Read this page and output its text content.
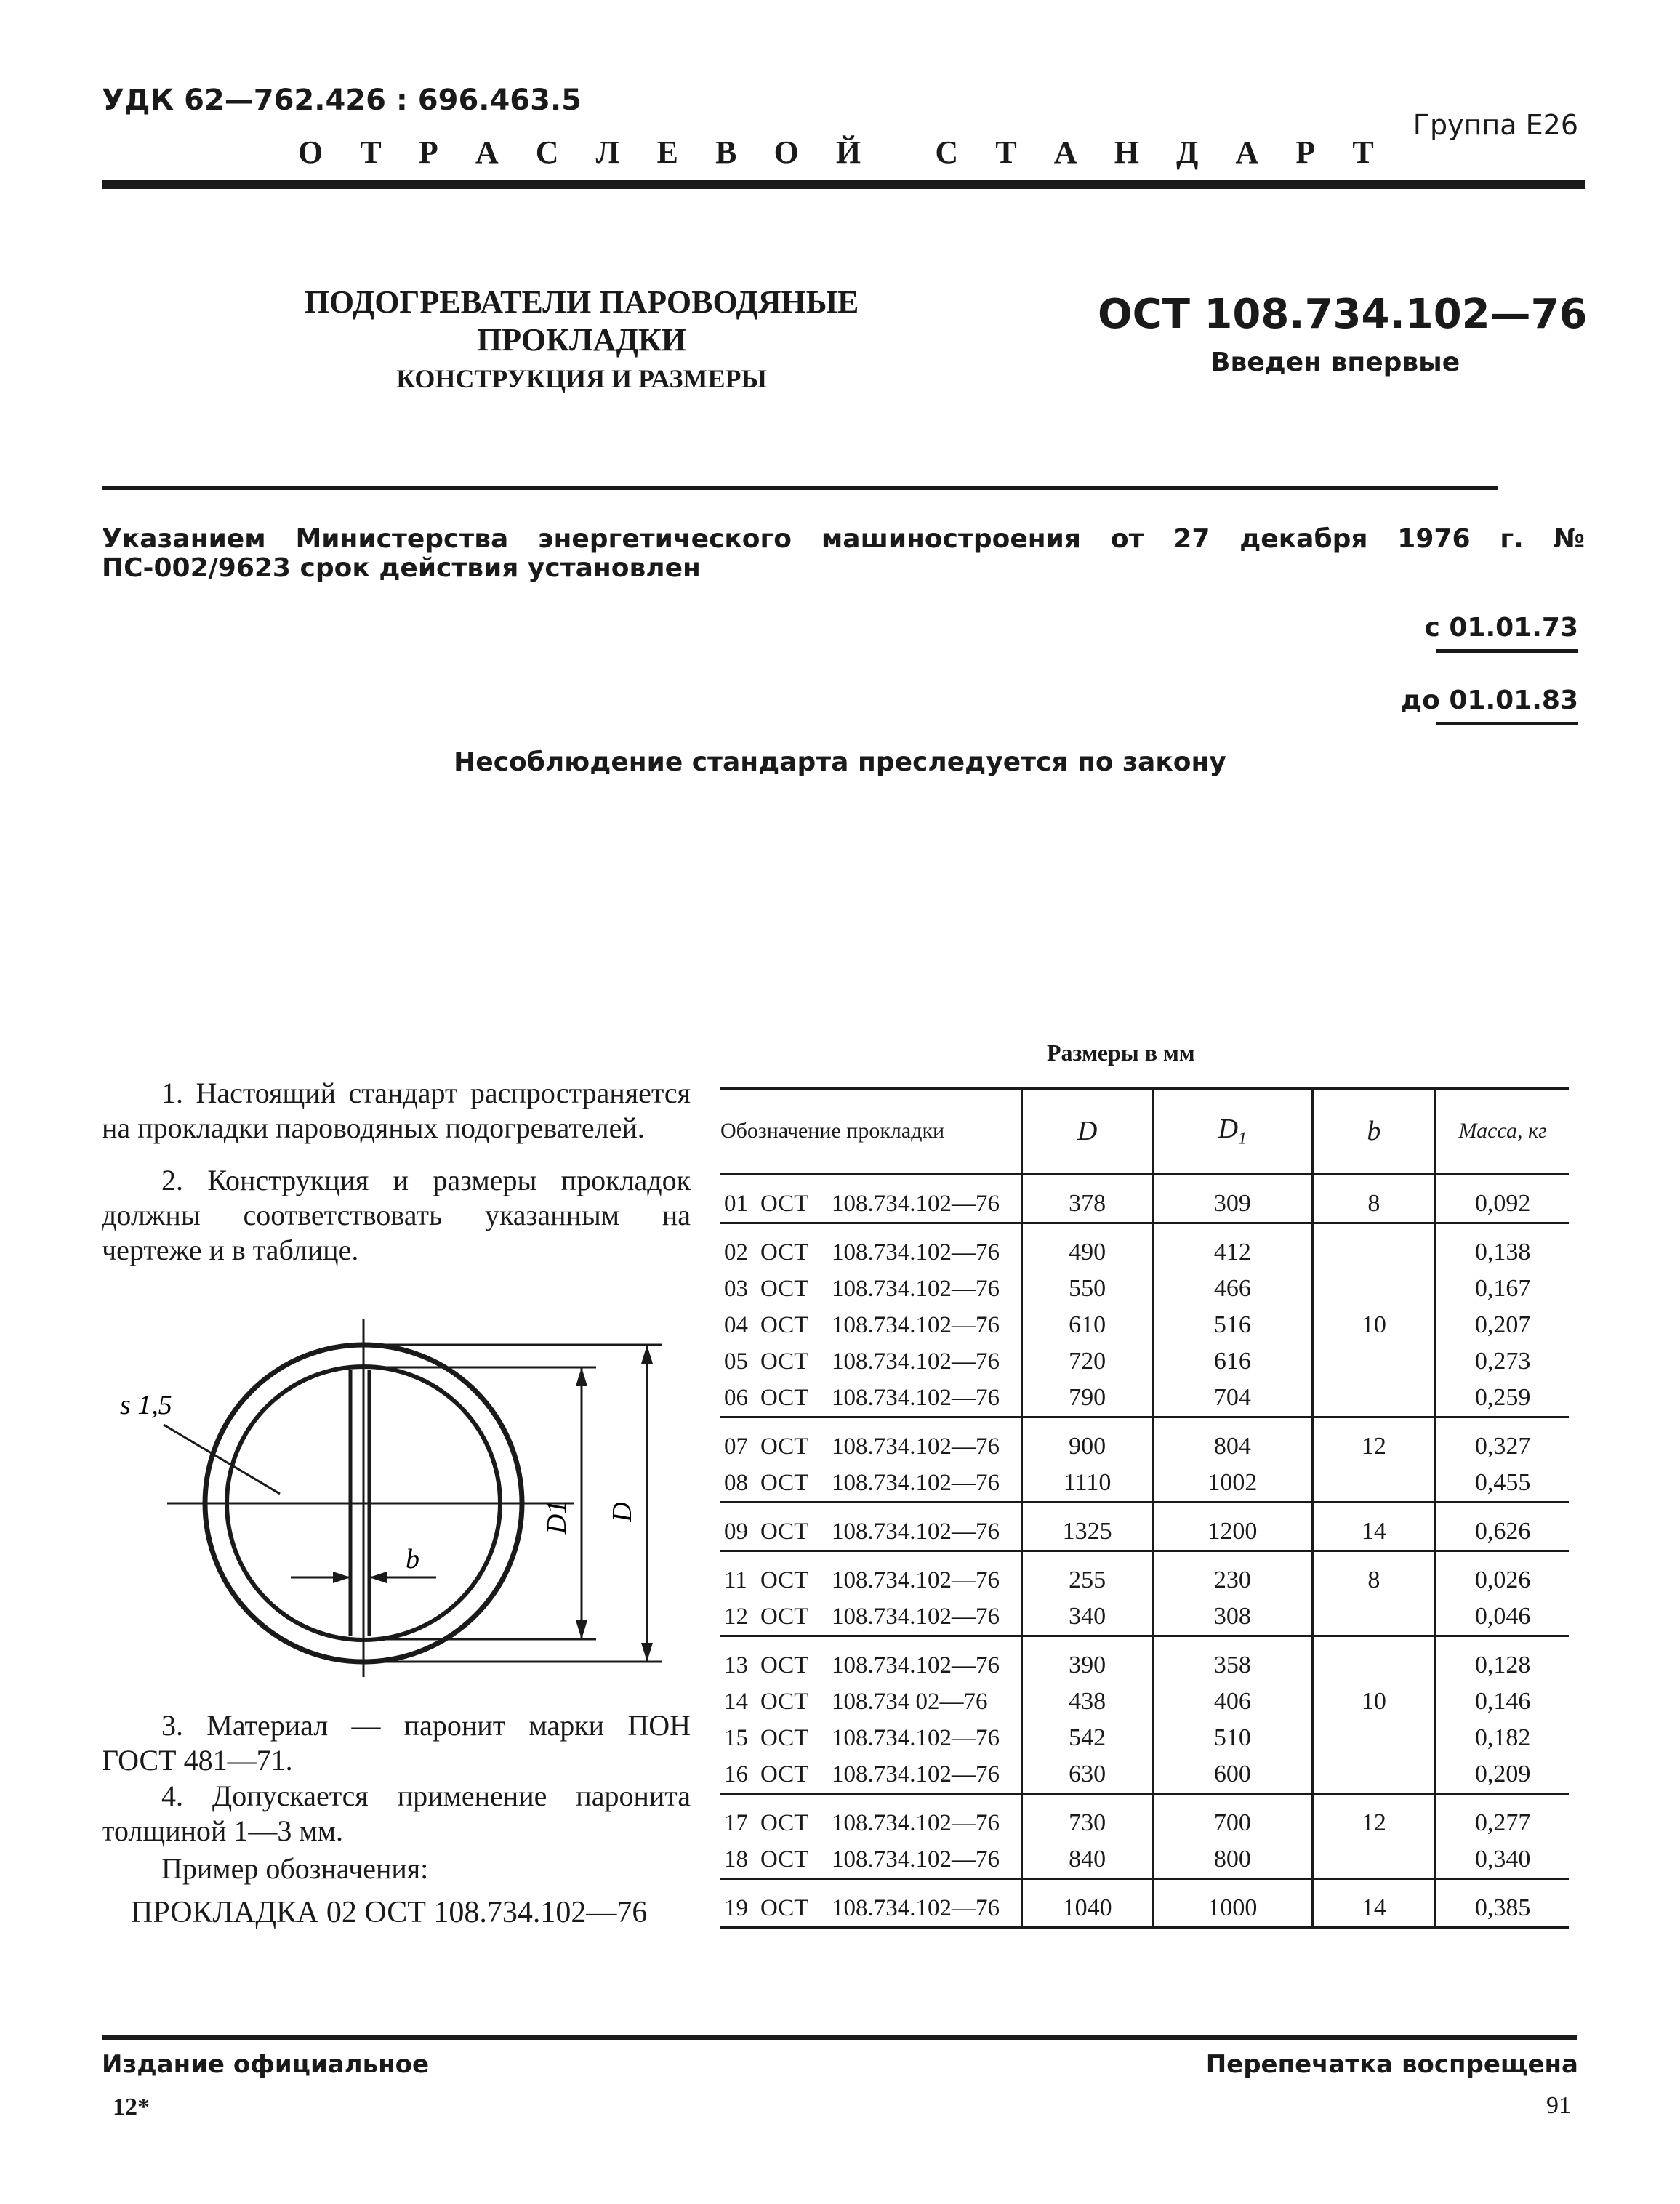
УДК 62—762.426 : 696.463.5
Группа Е26
О Т Р А С Л Е В О Й С Т А Н Д А Р Т
ПОДОГРЕВАТЕЛИ ПАРОВОДЯНЫЕ
ПРОКЛАДКИ
КОНСТРУКЦИЯ И РАЗМЕРЫ
ОСТ 108.734.102—76
Введен впервые
Указанием Министерства энергетического машиностроения от 27 декабря 1976 г. № ПС-002/9623 срок действия установлен
с 01.01.73
до 01.01.83
Несоблюдение стандарта преследуется по закону
1. Настоящий стандарт распространяется на прокладки пароводяных подогревателей.
2. Конструкция и размеры прокладок должны соответствовать указанным на чертеже и в таблице.
s 1,5
D1 D
b
3. Материал — паронит марки ПОН ГОСТ 481—71.
4. Допускается применение паронита толщиной 1—3 мм.
Пример обозначения:
ПРОКЛАДКА 02 ОСТ 108.734.102—76
Размеры в мм
Обозначение прокладки	D	$D_1$	b	Масса, кг
01 ОСТ 108.734.102—76	378	309	8	0,092
02 ОСТ 108.734.102—76	490	412		0,138
03 ОСТ 108.734.102—76	550	466		0,167
04 ОСТ 108.734.102—76	610	516	10	0,207
05 ОСТ 108.734.102—76	720	616		0,273
06 ОСТ 108.734.102—76	790	704		0,259
07 ОСТ 108.734.102—76	900	804	12	0,327
08 ОСТ 108.734.102—76	1110	1002		0,455
09 ОСТ 108.734.102—76	1325	1200	14	0,626
11 ОСТ 108.734.102—76	255	230	8	0,026
12 ОСТ 108.734.102—76	340	308		0,046
13 ОСТ 108.734.102—76	390	358		0,128
14 ОСТ 108.734 02—76	438	406	10	0,146
15 ОСТ 108.734.102—76	542	510		0,182
16 ОСТ 108.734.102—76	630	600		0,209
17 ОСТ 108.734.102—76	730	700	12	0,277
18 ОСТ 108.734.102—76	840	800		0,340
19 ОСТ 108.734.102—76	1040	1000	14	0,385
Издание официальное	Перепечатка воспрещена
12*	91
